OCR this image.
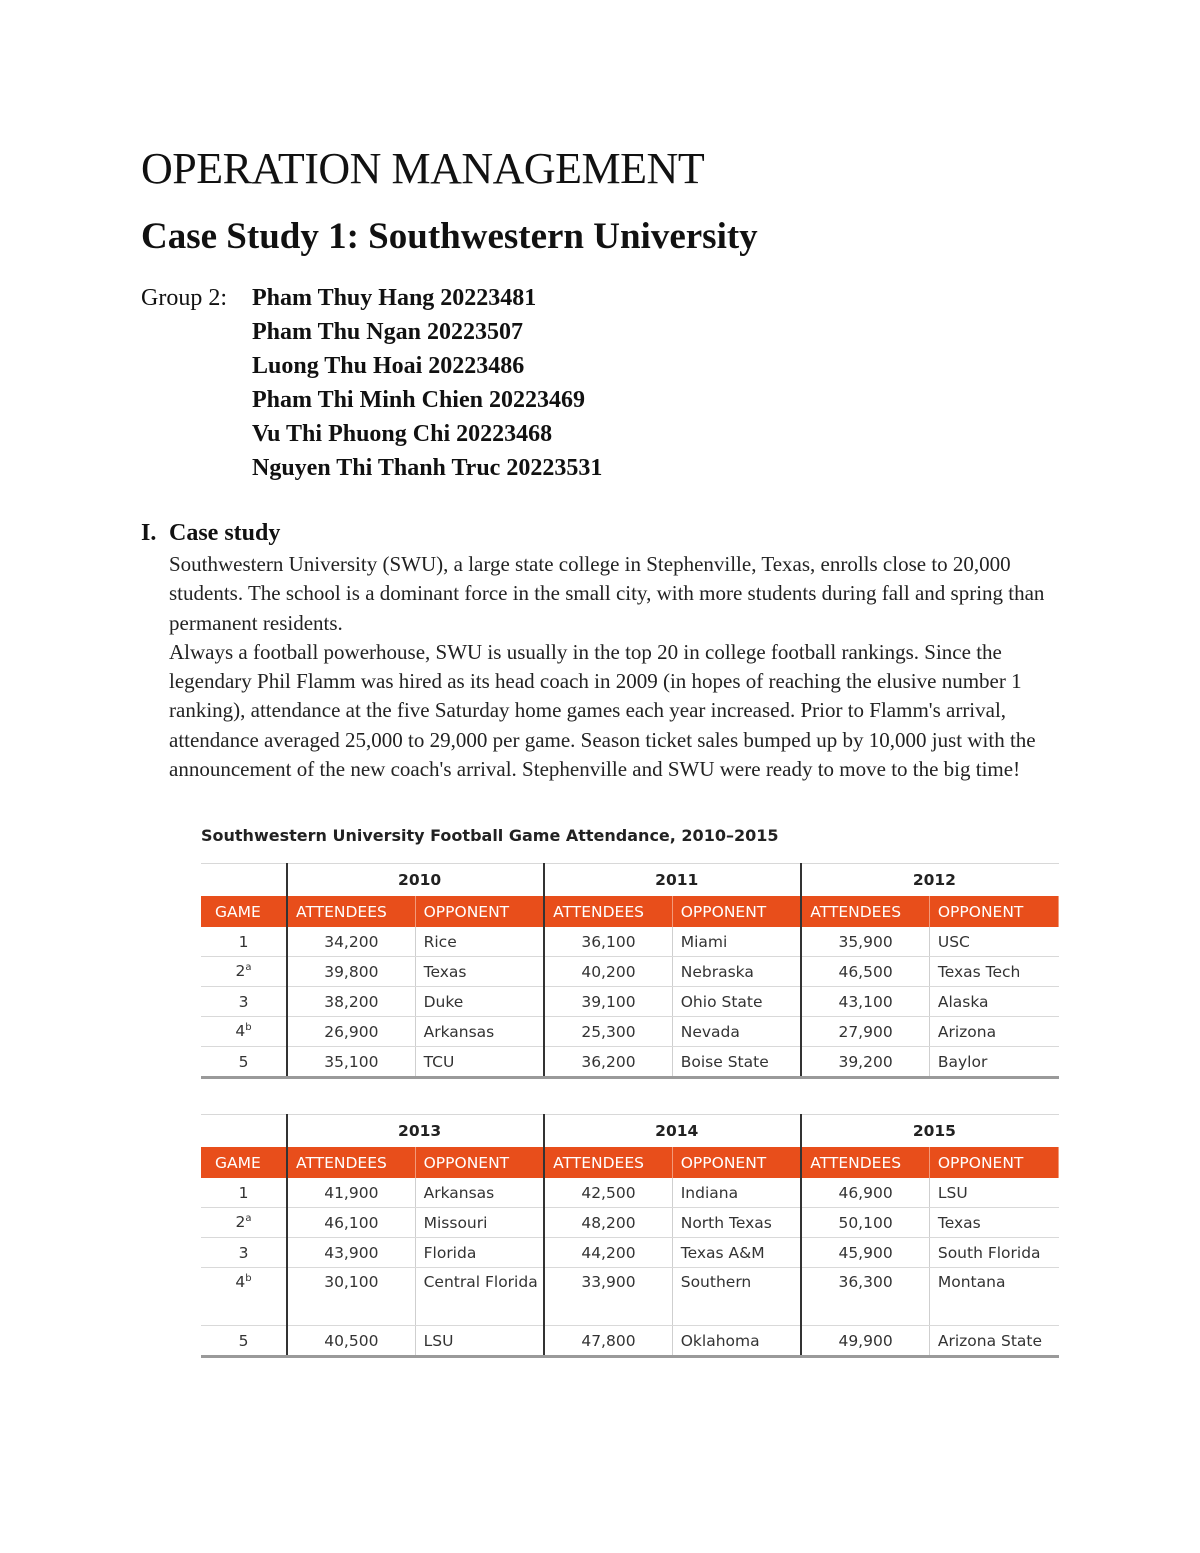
OPERATION MANAGEMENT
Case Study 1: Southwestern University
Group 2:	Pham Thuy Hang 20223481
Pham Thu Ngan 20223507
Luong Thu Hoai 20223486
Pham Thi Minh Chien 20223469
Vu Thi Phuong Chi 20223468
Nguyen Thi Thanh Truc 20223531
I. Case study

Southwestern University (SWU), a large state college in Stephenville, Texas, enrolls close to 20,000 students. The school is a dominant force in the small city, with more students during fall and spring than permanent residents.

Always a football powerhouse, SWU is usually in the top 20 in college football rankings. Since the legendary Phil Flamm was hired as its head coach in 2009 (in hopes of reaching the elusive number 1 ranking), attendance at the five Saturday home games each year increased. Prior to Flamm's arrival, attendance averaged 25,000 to 29,000 per game. Season ticket sales bumped up by 10,000 just with the announcement of the new coach's arrival. Stephenville and SWU were ready to move to the big time!

Southwestern University Football Game Attendance, 2010–2015
	2010		2011		2012	
GAME	ATTENDEES	OPPONENT	ATTENDEES	OPPONENT	ATTENDEES	OPPONENT
1	34,200	Rice	36,100	Miami	35,900	USC
2$^a$	39,800	Texas	40,200	Nebraska	46,500	Texas Tech
3	38,200	Duke	39,100	Ohio State	43,100	Alaska
4$^b$	26,900	Arkansas	25,300	Nevada	27,900	Arizona
5	35,100	TCU	36,200	Boise State	39,200	Baylor
	2013		2014		2015	
GAME	ATTENDEES	OPPONENT	ATTENDEES	OPPONENT	ATTENDEES	OPPONENT
1	41,900	Arkansas	42,500	Indiana	46,900	LSU
2$^a$	46,100	Missouri	48,200	North Texas	50,100	Texas
3	43,900	Florida	44,200	Texas A&M	45,900	South Florida
4$^b$	30,100	Central Florida	33,900	Southern	36,300	Montana
5	40,500	LSU	47,800	Oklahoma	49,900	Arizona State
